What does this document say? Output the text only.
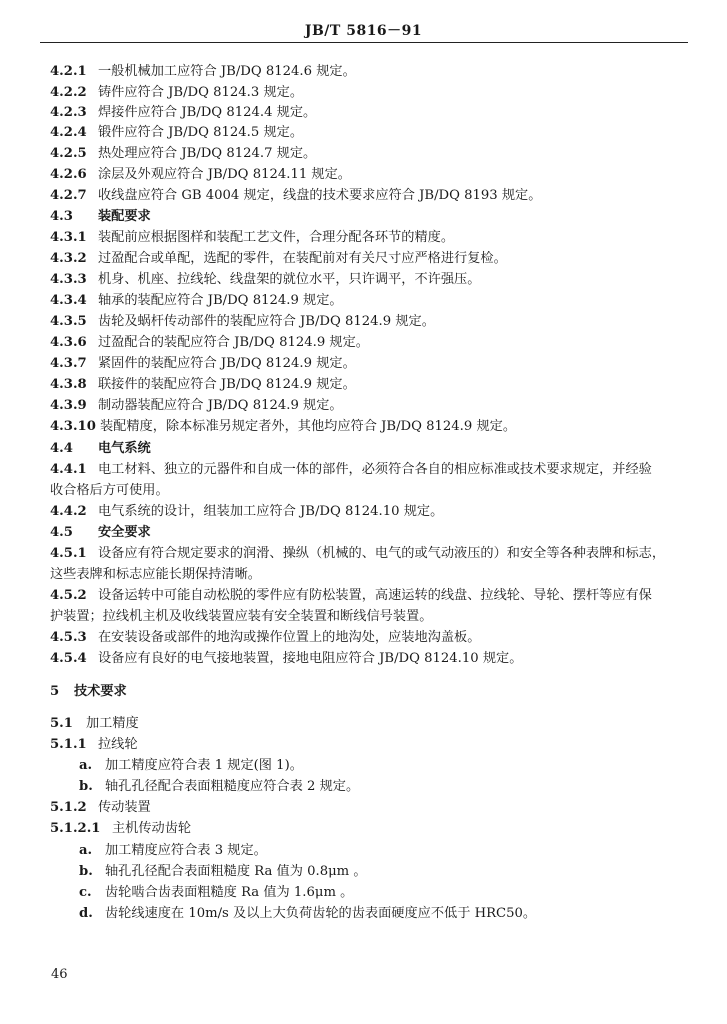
JB/T 5816－91
4.2.1 一般机械加工应符合 JB/DQ 8124.6 规定。
4.2.2 铸件应符合 JB/DQ 8124.3 规定。
4.2.3 焊接件应符合 JB/DQ 8124.4 规定。
4.2.4 锻件应符合 JB/DQ 8124.5 规定。
4.2.5 热处理应符合 JB/DQ 8124.7 规定。
4.2.6 涂层及外观应符合 JB/DQ 8124.11 规定。
4.2.7 收线盘应符合 GB 4004 规定，线盘的技术要求应符合 JB/DQ 8193 规定。
4.3 装配要求
4.3.1 装配前应根据图样和装配工艺文件，合理分配各环节的精度。
4.3.2 过盈配合或单配，选配的零件，在装配前对有关尺寸应严格进行复检。
4.3.3 机身、机座、拉线轮、线盘架的就位水平，只许调平，不许强压。
4.3.4 轴承的装配应符合 JB/DQ 8124.9 规定。
4.3.5 齿轮及蜗杆传动部件的装配应符合 JB/DQ 8124.9 规定。
4.3.6 过盈配合的装配应符合 JB/DQ 8124.9 规定。
4.3.7 紧固件的装配应符合 JB/DQ 8124.9 规定。
4.3.8 联接件的装配应符合 JB/DQ 8124.9 规定。
4.3.9 制动器装配应符合 JB/DQ 8124.9 规定。
4.3.10 装配精度，除本标准另规定者外，其他均应符合 JB/DQ 8124.9 规定。
4.4 电气系统
4.4.1 电工材料、独立的元器件和自成一体的部件，必须符合各自的相应标准或技术要求规定，并经验
收合格后方可使用。
4.4.2 电气系统的设计，组装加工应符合 JB/DQ 8124.10 规定。
4.5 安全要求
4.5.1 设备应有符合规定要求的润滑、操纵（机械的、电气的或气动液压的）和安全等各种表牌和标志，
这些表牌和标志应能长期保持清晰。
4.5.2 设备运转中可能自动松脱的零件应有防松装置，高速运转的线盘、拉线轮、导轮、摆杆等应有保
护装置；拉线机主机及收线装置应装有安全装置和断线信号装置。
4.5.3 在安装设备或部件的地沟或操作位置上的地沟处，应装地沟盖板。
4.5.4 设备应有良好的电气接地装置，接地电阻应符合 JB/DQ 8124.10 规定。
5 技术要求
5.1 加工精度
5.1.1 拉线轮
a. 加工精度应符合表 1 规定(图 1)。
b. 轴孔孔径配合表面粗糙度应符合表 2 规定。
5.1.2 传动装置
5.1.2.1 主机传动齿轮
a. 加工精度应符合表 3 规定。
b. 轴孔孔径配合表面粗糙度 Ra 值为 0.8μm 。
c. 齿轮啮合齿表面粗糙度 Ra 值为 1.6μm 。
d. 齿轮线速度在 10m/s 及以上大负荷齿轮的齿表面硬度应不低于 HRC50。
46
